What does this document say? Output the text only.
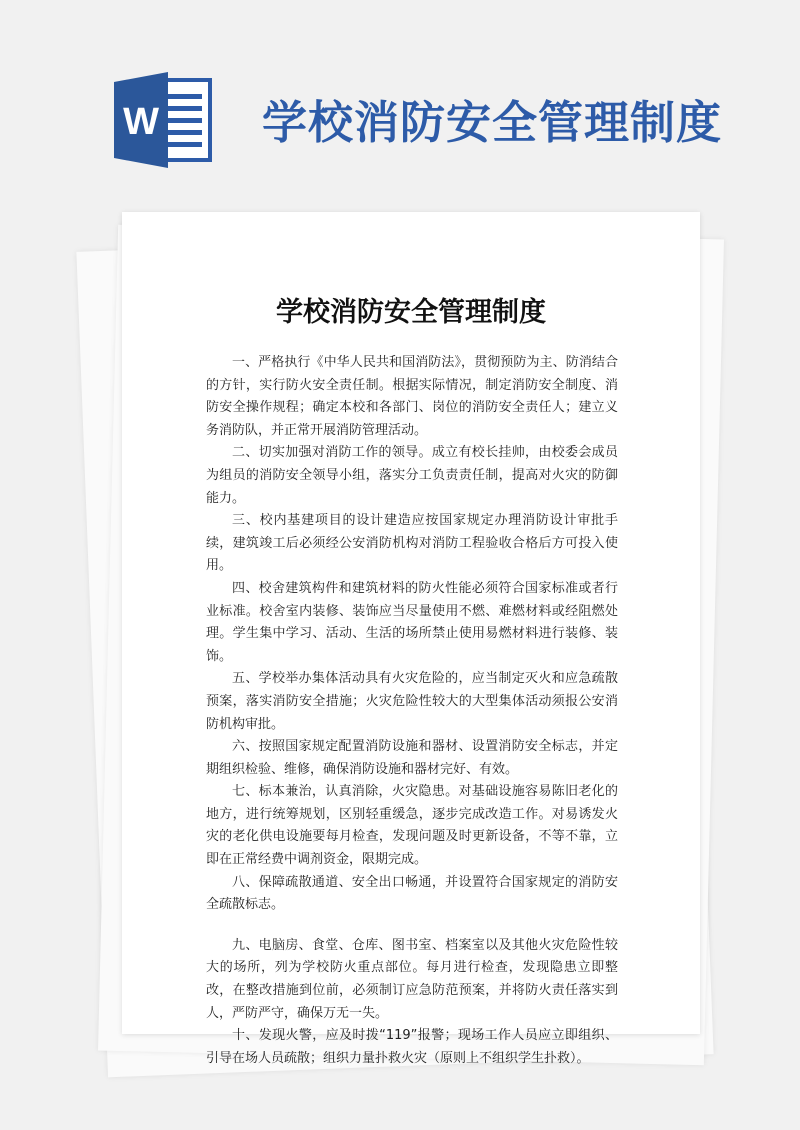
W 学校消防安全管理制度
学校消防安全管理制度

一、严格执行《中华人民共和国消防法》，贯彻预防为主、防消结合的方针，实行防火安全责任制。根据实际情况，制定消防安全制度、消防安全操作规程；确定本校和各部门、岗位的消防安全责任人；建立义务消防队，并正常开展消防管理活动。

二、切实加强对消防工作的领导。成立有校长挂帅，由校委会成员为组员的消防安全领导小组，落实分工负责责任制，提高对火灾的防御能力。

三、校内基建项目的设计建造应按国家规定办理消防设计审批手续，建筑竣工后必须经公安消防机构对消防工程验收合格后方可投入使用。

四、校舍建筑构件和建筑材料的防火性能必须符合国家标准或者行业标准。校舍室内装修、装饰应当尽量使用不燃、难燃材料或经阻燃处理。学生集中学习、活动、生活的场所禁止使用易燃材料进行装修、装饰。

五、学校举办集体活动具有火灾危险的，应当制定灭火和应急疏散预案，落实消防安全措施；火灾危险性较大的大型集体活动须报公安消防机构审批。

六、按照国家规定配置消防设施和器材、设置消防安全标志，并定期组织检验、维修，确保消防设施和器材完好、有效。

七、标本兼治，认真消除，火灾隐患。对基础设施容易陈旧老化的地方，进行统筹规划，区别轻重缓急，逐步完成改造工作。对易诱发火灾的老化供电设施要每月检查，发现问题及时更新设备，不等不靠，立即在正常经费中调剂资金，限期完成。

八、保障疏散通道、安全出口畅通，并设置符合国家规定的消防安全疏散标志。

九、电脑房、食堂、仓库、图书室、档案室以及其他火灾危险性较大的场所，列为学校防火重点部位。每月进行检查，发现隐患立即整改，在整改措施到位前，必须制订应急防范预案，并将防火责任落实到人，严防严守，确保万无一失。

十、发现火警，应及时拨“119”报警；现场工作人员应立即组织、引导在场人员疏散；组织力量扑救火灾（原则上不组织学生扑救）。
